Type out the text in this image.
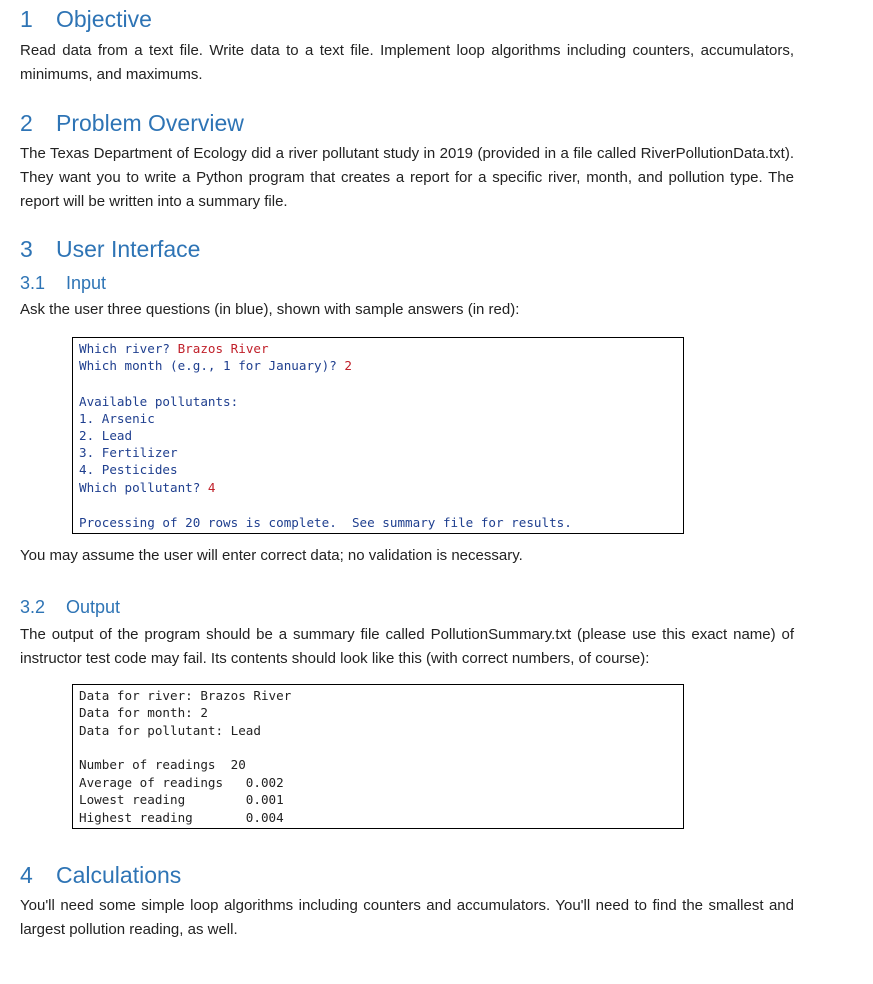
1 Objective
Read data from a text file. Write data to a text file. Implement loop algorithms including counters, accumulators, minimums, and maximums.
2 Problem Overview
The Texas Department of Ecology did a river pollutant study in 2019 (provided in a file called RiverPollutionData.txt). They want you to write a Python program that creates a report for a specific river, month, and pollution type. The report will be written into a summary file.
3 User Interface
3.1 Input
Ask the user three questions (in blue), shown with sample answers (in red):
Which river? Brazos River
Which month (e.g., 1 for January)? 2
Available pollutants:
1. Arsenic
2. Lead
3. Fertilizer
4. Pesticides
Which pollutant? 4
Processing of 20 rows is complete.  See summary file for results.
You may assume the user will enter correct data; no validation is necessary.
3.2 Output
The output of the program should be a summary file called PollutionSummary.txt (please use this exact name) of instructor test code may fail. Its contents should look like this (with correct numbers, of course):
Data for river: Brazos River
Data for month: 2
Data for pollutant: Lead
Number of readings  20
Average of readings   0.002
Lowest reading        0.001
Highest reading       0.004
4 Calculations
You'll need some simple loop algorithms including counters and accumulators. You'll need to find the smallest and largest pollution reading, as well.
